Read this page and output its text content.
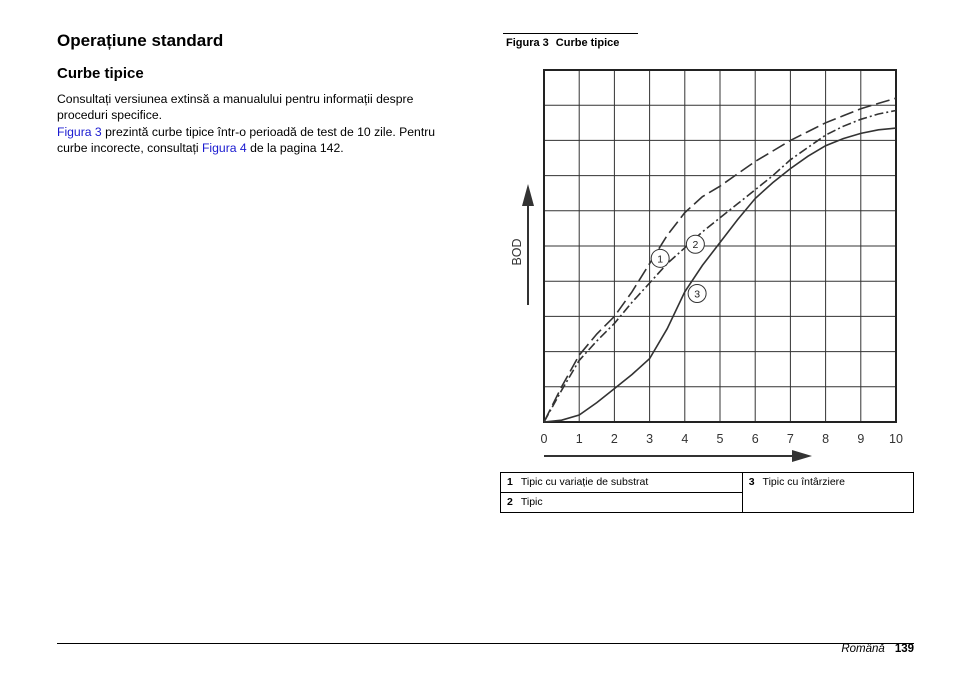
Operațiune standard
Curbe tipice

Consultați versiunea extinsă a manualului pentru informații despre proceduri specifice.

Figura 3 prezintă curbe tipice într-o perioadă de test de 10 zile. Pentru curbe incorecte, consultați Figura 4 de la pagina 142.

Figura 3 Curbe tipice

0 1 2 3 4 5 6 7 8 9 10
BOD	1
2
3
1 Tipic cu variație de substrat	3 Tipic cu întârziere
2 Tipic
Română 139
